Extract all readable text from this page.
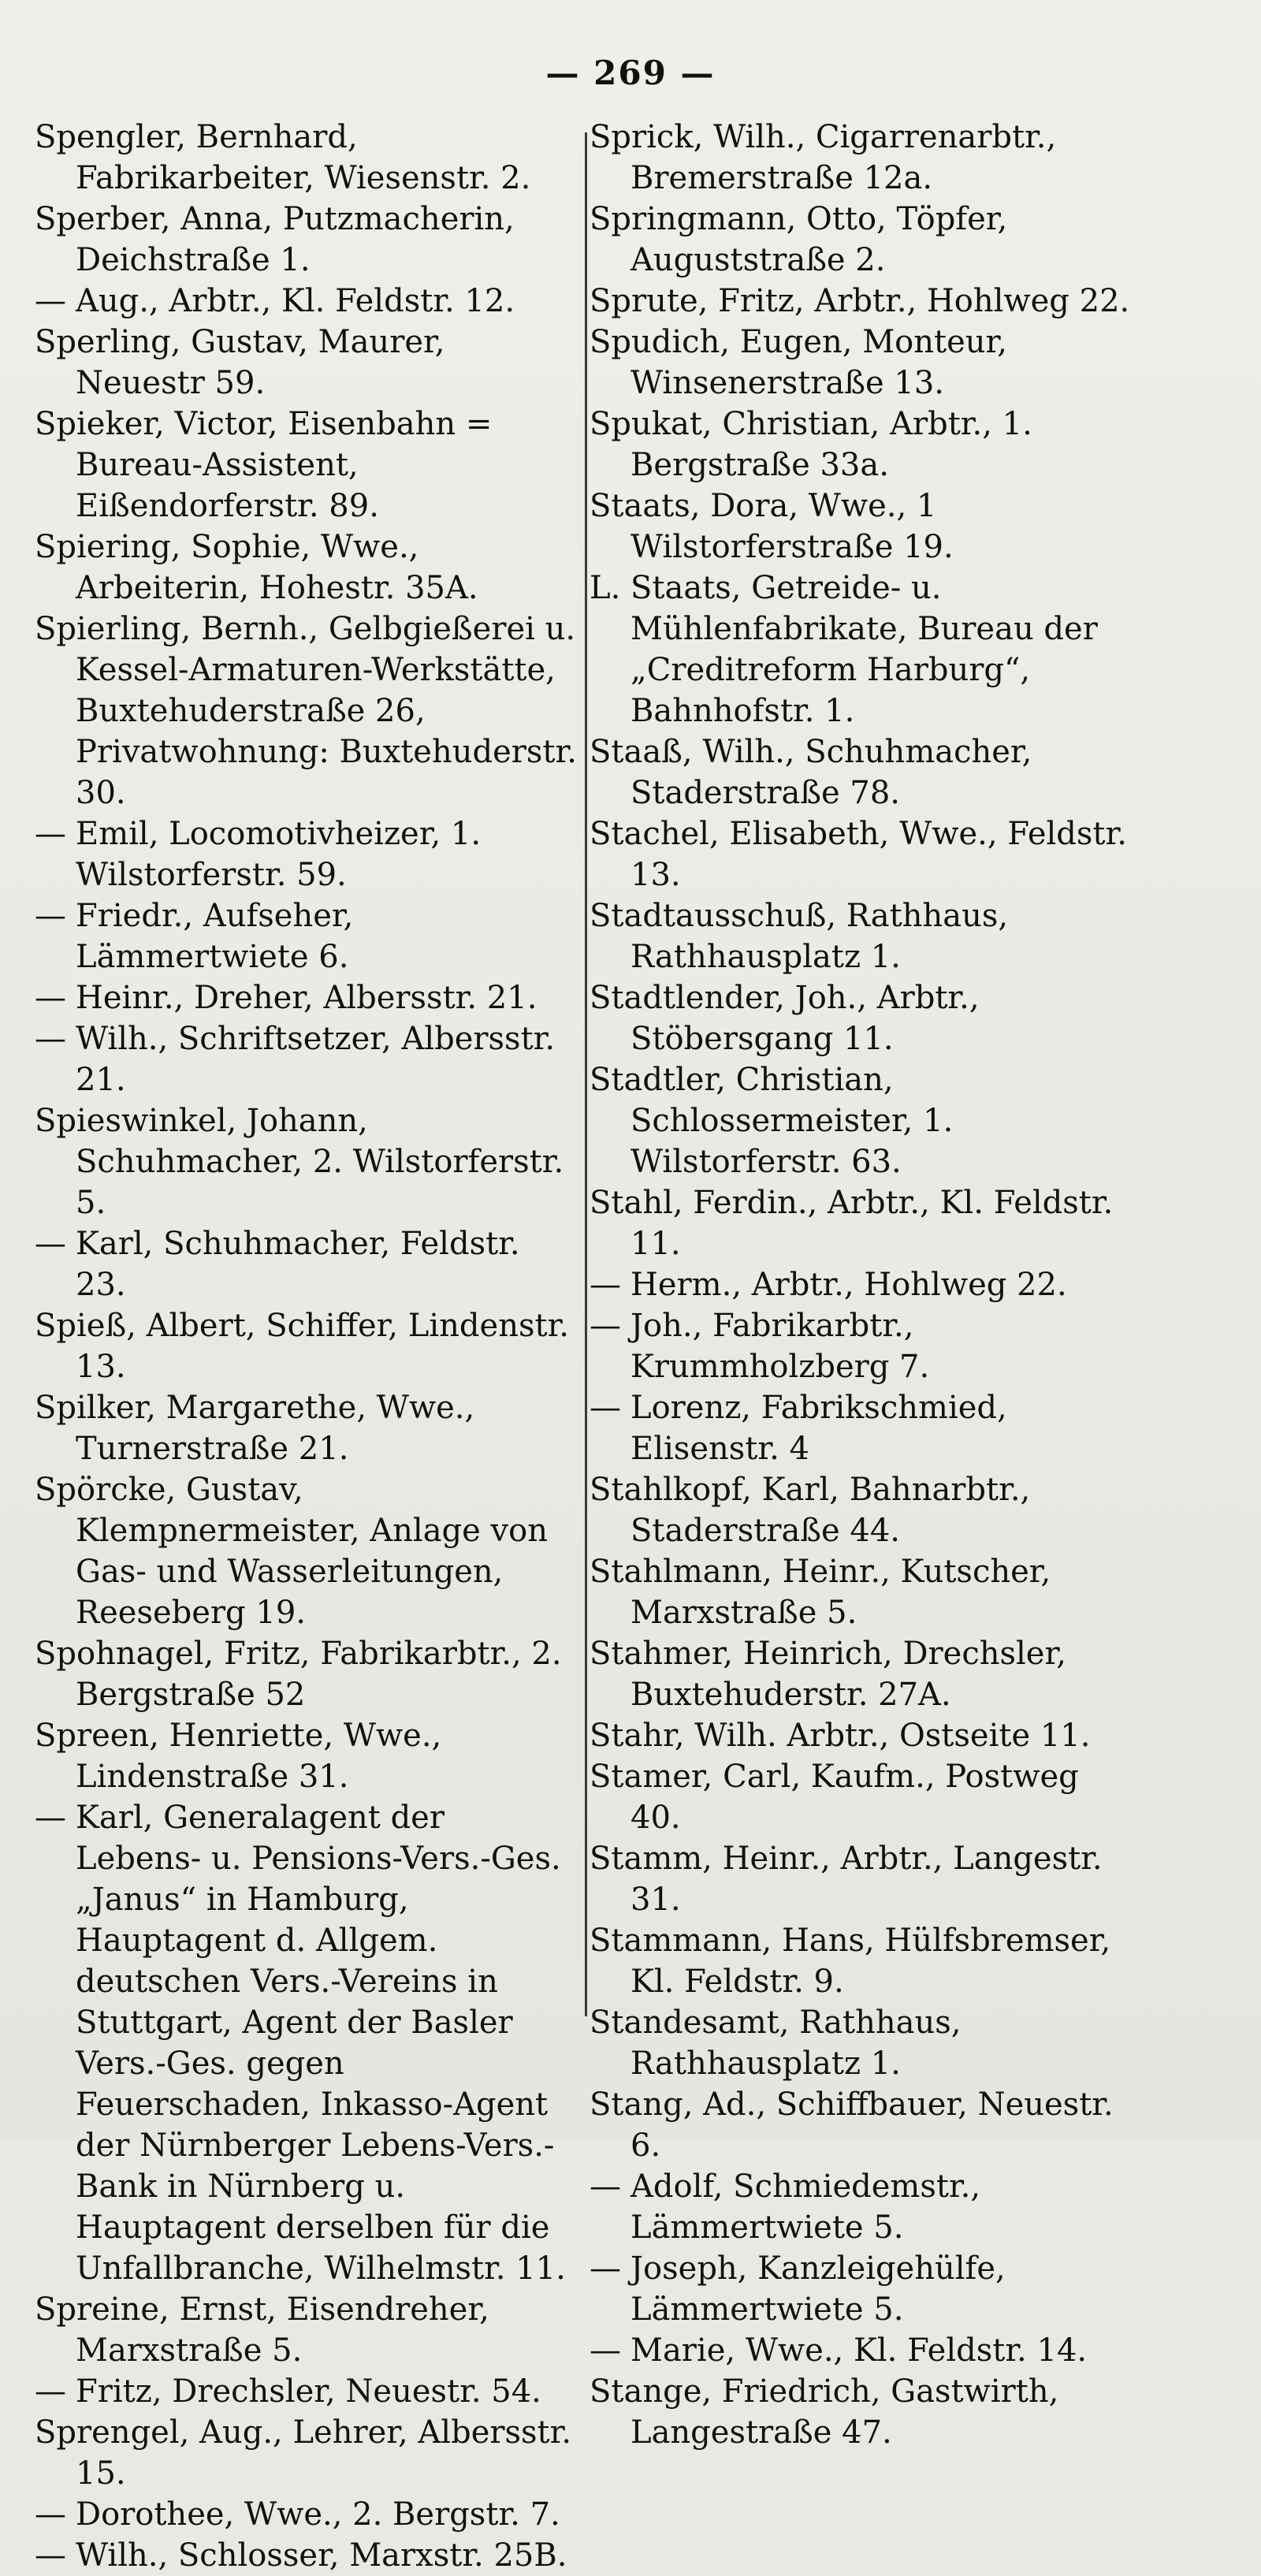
— 269 —
Spengler, Bernhard, Fabrikarbeiter, Wiesenstr. 2.
Sperber, Anna, Putzmacherin, Deichstraße 1.
— Aug., Arbtr., Kl. Feldstr. 12.
Sperling, Gustav, Maurer, Neuestr 59.
Spieker, Victor, Eisenbahn = Bureau-Assistent, Eißendorferstr. 89.
Spiering, Sophie, Wwe., Arbeiterin, Hohestr. 35A.
Spierling, Bernh., Gelbgießerei u. Kessel-Armaturen-Werkstätte, Buxtehuderstraße 26, Privatwohnung: Buxtehuderstr. 30.
— Emil, Locomotivheizer, 1. Wilstorferstr. 59.
— Friedr., Aufseher, Lämmertwiete 6.
— Heinr., Dreher, Albersstr. 21.
— Wilh., Schriftsetzer, Albersstr. 21.
Spieswinkel, Johann, Schuhmacher, 2. Wilstorferstr. 5.
— Karl, Schuhmacher, Feldstr. 23.
Spieß, Albert, Schiffer, Lindenstr. 13.
Spilker, Margarethe, Wwe., Turnerstraße 21.
Spörcke, Gustav, Klempnermeister, Anlage von Gas- und Wasserleitungen, Reeseberg 19.
Spohnagel, Fritz, Fabrikarbtr., 2. Bergstraße 52
Spreen, Henriette, Wwe., Lindenstraße 31.
— Karl, Generalagent der Lebens- u. Pensions-Vers.-Ges. „Janus“ in Hamburg, Hauptagent d. Allgem. deutschen Vers.-Vereins in Stuttgart, Agent der Basler Vers.-Ges. gegen Feuerschaden, Inkasso-Agent der Nürnberger Lebens-Vers.-Bank in Nürnberg u. Hauptagent derselben für die Unfallbranche, Wilhelmstr. 11.
Spreine, Ernst, Eisendreher, Marxstraße 5.
— Fritz, Drechsler, Neuestr. 54.
Sprengel, Aug., Lehrer, Albersstr. 15.
— Dorothee, Wwe., 2. Bergstr. 7.
— Wilh., Schlosser, Marxstr. 25B.
Sprick, Wilh., Cigarrenarbtr., Bremerstraße 12a.
Springmann, Otto, Töpfer, Auguststraße 2.
Sprute, Fritz, Arbtr., Hohlweg 22.
Spudich, Eugen, Monteur, Winsenerstraße 13.
Spukat, Christian, Arbtr., 1. Bergstraße 33a.
Staats, Dora, Wwe., 1 Wilstorferstraße 19.
L. Staats, Getreide- u. Mühlenfabrikate, Bureau der „Creditreform Harburg“, Bahnhofstr. 1.
Staaß, Wilh., Schuhmacher, Staderstraße 78.
Stachel, Elisabeth, Wwe., Feldstr. 13.
Stadtausschuß, Rathhaus, Rathhausplatz 1.
Stadtlender, Joh., Arbtr., Stöbersgang 11.
Stadtler, Christian, Schlossermeister, 1. Wilstorferstr. 63.
Stahl, Ferdin., Arbtr., Kl. Feldstr. 11.
— Herm., Arbtr., Hohlweg 22.
— Joh., Fabrikarbtr., Krummholzberg 7.
— Lorenz, Fabrikschmied, Elisenstr. 4
Stahlkopf, Karl, Bahnarbtr., Staderstraße 44.
Stahlmann, Heinr., Kutscher, Marxstraße 5.
Stahmer, Heinrich, Drechsler, Buxtehuderstr. 27A.
Stahr, Wilh. Arbtr., Ostseite 11.
Stamer, Carl, Kaufm., Postweg 40.
Stamm, Heinr., Arbtr., Langestr. 31.
Stammann, Hans, Hülfsbremser, Kl. Feldstr. 9.
Standesamt, Rathhaus, Rathhausplatz 1.
Stang, Ad., Schiffbauer, Neuestr. 6.
— Adolf, Schmiedemstr., Lämmertwiete 5.
— Joseph, Kanzleigehülfe, Lämmertwiete 5.
— Marie, Wwe., Kl. Feldstr. 14.
Stange, Friedrich, Gastwirth, Langestraße 47.
